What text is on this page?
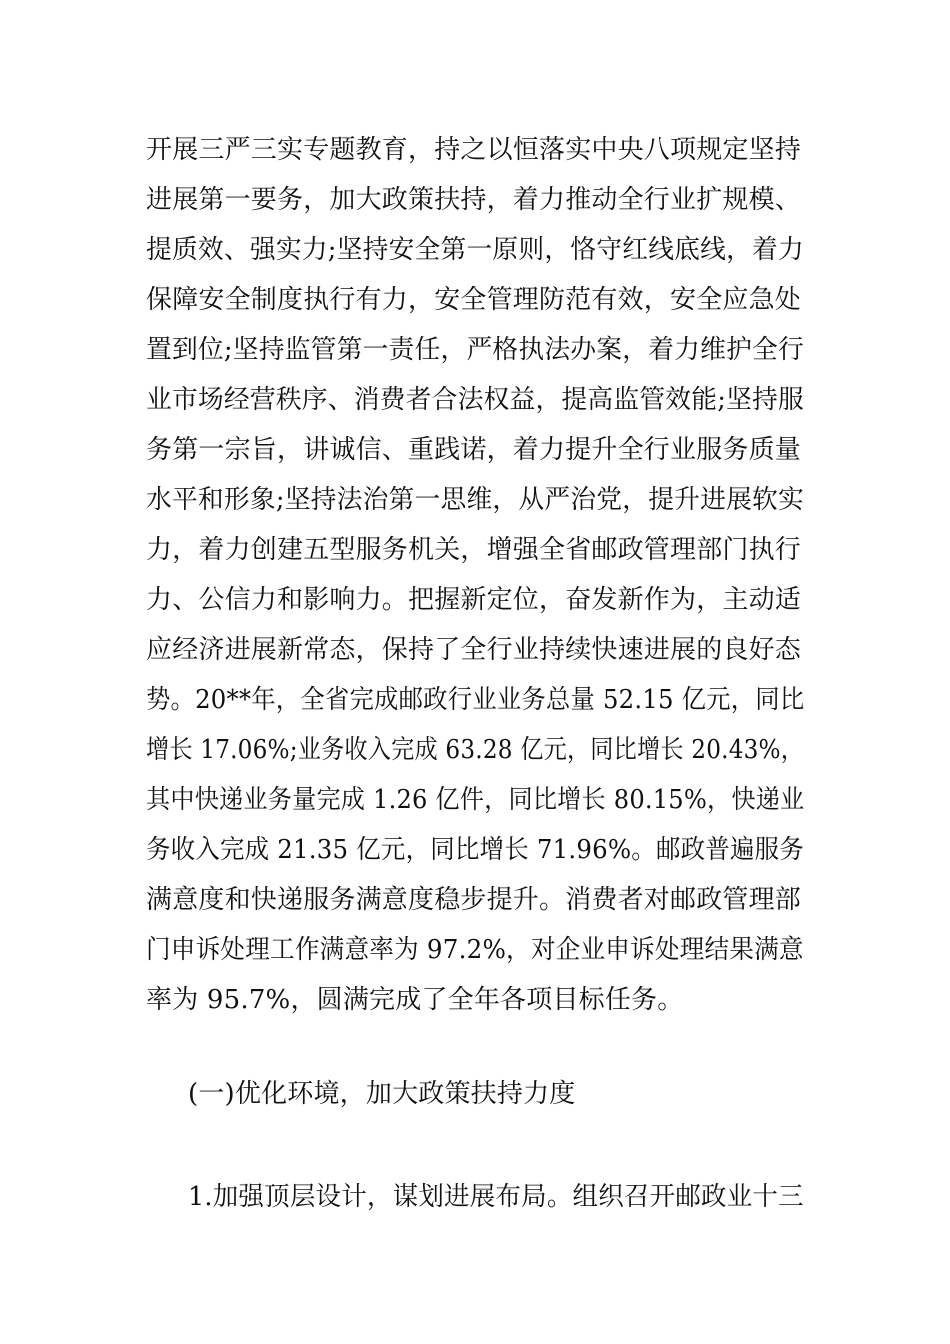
开展三严三实专题教育，持之以恒落实中央八项规定坚持
进展第一要务，加大政策扶持，着力推动全行业扩规模、
提质效、强实力;坚持安全第一原则，恪守红线底线，着力
保障安全制度执行有力，安全管理防范有效，安全应急处
置到位;坚持监管第一责任，严格执法办案，着力维护全行
业市场经营秩序、消费者合法权益，提高监管效能;坚持服
务第一宗旨，讲诚信、重践诺，着力提升全行业服务质量
水平和形象;坚持法治第一思维，从严治党，提升进展软实
力，着力创建五型服务机关，增强全省邮政管理部门执行
力、公信力和影响力。把握新定位，奋发新作为，主动适
应经济进展新常态，保持了全行业持续快速进展的良好态
势。20**年，全省完成邮政行业业务总量 52.15 亿元，同比
增长 17.06%;业务收入完成 63.28 亿元，同比增长 20.43%，
其中快递业务量完成 1.26 亿件，同比增长 80.15%，快递业
务收入完成 21.35 亿元，同比增长 71.96%。邮政普遍服务
满意度和快递服务满意度稳步提升。消费者对邮政管理部
门申诉处理工作满意率为 97.2%，对企业申诉处理结果满意
率为 95.7%，圆满完成了全年各项目标任务。
(一)优化环境，加大政策扶持力度
1.加强顶层设计，谋划进展布局。组织召开邮政业十三
